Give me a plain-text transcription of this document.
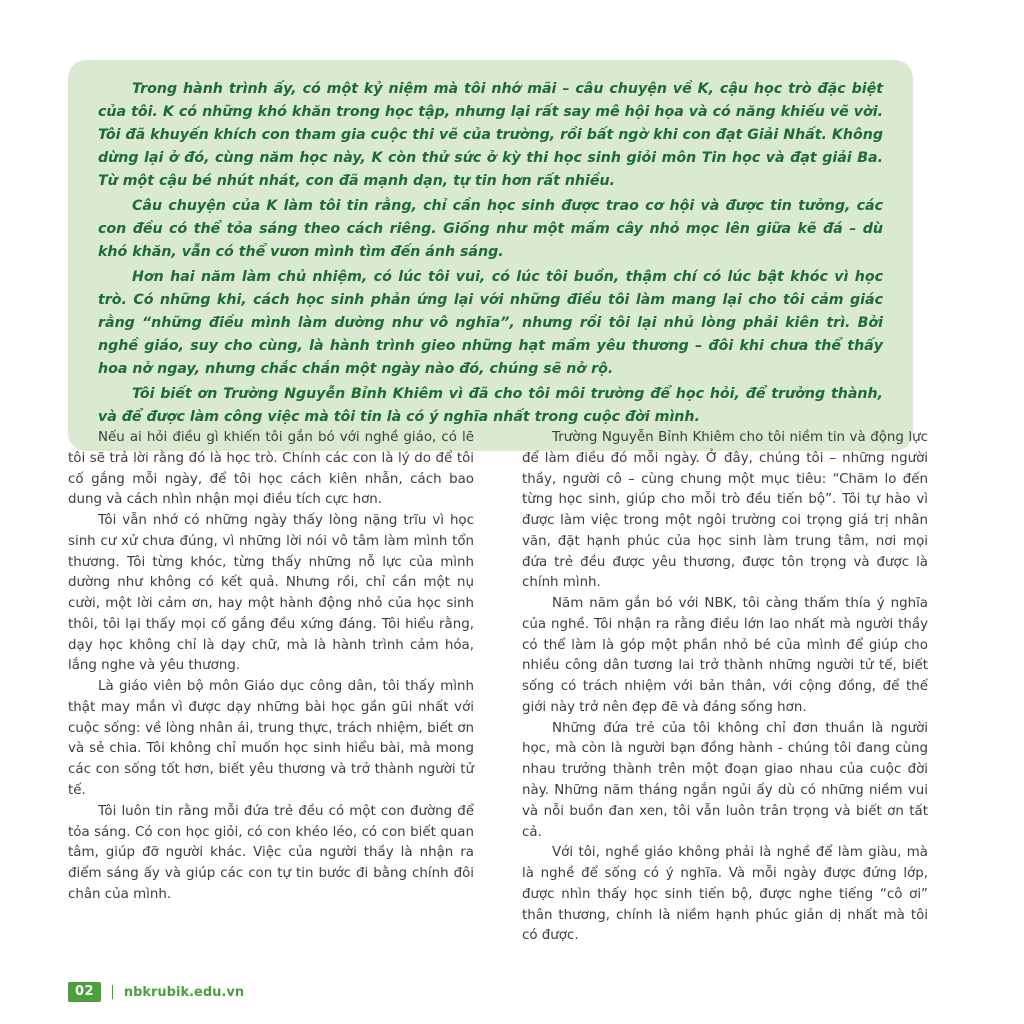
Trong hành trình ấy, có một kỷ niệm mà tôi nhớ mãi – câu chuyện về K, cậu học trò đặc biệt của tôi. K có những khó khăn trong học tập, nhưng lại rất say mê hội họa và có năng khiếu vẽ vời. Tôi đã khuyến khích con tham gia cuộc thi vẽ của trường, rồi bất ngờ khi con đạt Giải Nhất. Không dừng lại ở đó, cùng năm học này, K còn thử sức ở kỳ thi học sinh giỏi môn Tin học và đạt giải Ba. Từ một cậu bé nhút nhát, con đã mạnh dạn, tự tin hơn rất nhiều.

Câu chuyện của K làm tôi tin rằng, chỉ cần học sinh được trao cơ hội và được tin tưởng, các con đều có thể tỏa sáng theo cách riêng. Giống như một mầm cây nhỏ mọc lên giữa kẽ đá – dù khó khăn, vẫn có thể vươn mình tìm đến ánh sáng.

Hơn hai năm làm chủ nhiệm, có lúc tôi vui, có lúc tôi buồn, thậm chí có lúc bật khóc vì học trò. Có những khi, cách học sinh phản ứng lại với những điều tôi làm mang lại cho tôi cảm giác rằng “những điều mình làm dường như vô nghĩa”, nhưng rồi tôi lại nhủ lòng phải kiên trì. Bởi nghề giáo, suy cho cùng, là hành trình gieo những hạt mầm yêu thương – đôi khi chưa thể thấy hoa nở ngay, nhưng chắc chắn một ngày nào đó, chúng sẽ nở rộ.

Tôi biết ơn Trường Nguyễn Bỉnh Khiêm vì đã cho tôi môi trường để học hỏi, để trưởng thành, và để được làm công việc mà tôi tin là có ý nghĩa nhất trong cuộc đời mình.

Nếu ai hỏi điều gì khiến tôi gắn bó với nghề giáo, có lẽ tôi sẽ trả lời rằng đó là học trò. Chính các con là lý do để tôi cố gắng mỗi ngày, để tôi học cách kiên nhẫn, cách bao dung và cách nhìn nhận mọi điều tích cực hơn.

Tôi vẫn nhớ có những ngày thấy lòng nặng trĩu vì học sinh cư xử chưa đúng, vì những lời nói vô tâm làm mình tổn thương. Tôi từng khóc, từng thấy những nỗ lực của mình dường như không có kết quả. Nhưng rồi, chỉ cần một nụ cười, một lời cảm ơn, hay một hành động nhỏ của học sinh thôi, tôi lại thấy mọi cố gắng đều xứng đáng. Tôi hiểu rằng, dạy học không chỉ là dạy chữ, mà là hành trình cảm hóa, lắng nghe và yêu thương.

Là giáo viên bộ môn Giáo dục công dân, tôi thấy mình thật may mắn vì được dạy những bài học gần gũi nhất với cuộc sống: về lòng nhân ái, trung thực, trách nhiệm, biết ơn và sẻ chia. Tôi không chỉ muốn học sinh hiểu bài, mà mong các con sống tốt hơn, biết yêu thương và trở thành người tử tế.

Tôi luôn tin rằng mỗi đứa trẻ đều có một con đường để tỏa sáng. Có con học giỏi, có con khéo léo, có con biết quan tâm, giúp đỡ người khác. Việc của người thầy là nhận ra điểm sáng ấy và giúp các con tự tin bước đi bằng chính đôi chân của mình.

Trường Nguyễn Bỉnh Khiêm cho tôi niềm tin và động lực để làm điều đó mỗi ngày. Ở đây, chúng tôi – những người thầy, người cô – cùng chung một mục tiêu: “Chăm lo đến từng học sinh, giúp cho mỗi trò đều tiến bộ”. Tôi tự hào vì được làm việc trong một ngôi trường coi trọng giá trị nhân văn, đặt hạnh phúc của học sinh làm trung tâm, nơi mọi đứa trẻ đều được yêu thương, được tôn trọng và được là chính mình.

Năm năm gắn bó với NBK, tôi càng thấm thía ý nghĩa của nghề. Tôi nhận ra rằng điều lớn lao nhất mà người thầy có thể làm là góp một phần nhỏ bé của mình để giúp cho nhiều công dân tương lai trở thành những người tử tế, biết sống có trách nhiệm với bản thân, với cộng đồng, để thế giới này trở nên đẹp đẽ và đáng sống hơn.

Những đứa trẻ của tôi không chỉ đơn thuần là người học, mà còn là người bạn đồng hành - chúng tôi đang cùng nhau trưởng thành trên một đoạn giao nhau của cuộc đời này. Những năm tháng ngắn ngủi ấy dù có những niềm vui và nỗi buồn đan xen, tôi vẫn luôn trân trọng và biết ơn tất cả.

Với tôi, nghề giáo không phải là nghề để làm giàu, mà là nghề để sống có ý nghĩa. Và mỗi ngày được đứng lớp, được nhìn thấy học sinh tiến bộ, được nghe tiếng “cô ơi” thân thương, chính là niềm hạnh phúc giản dị nhất mà tôi có được.

02	| nbkrubik.edu.vn
